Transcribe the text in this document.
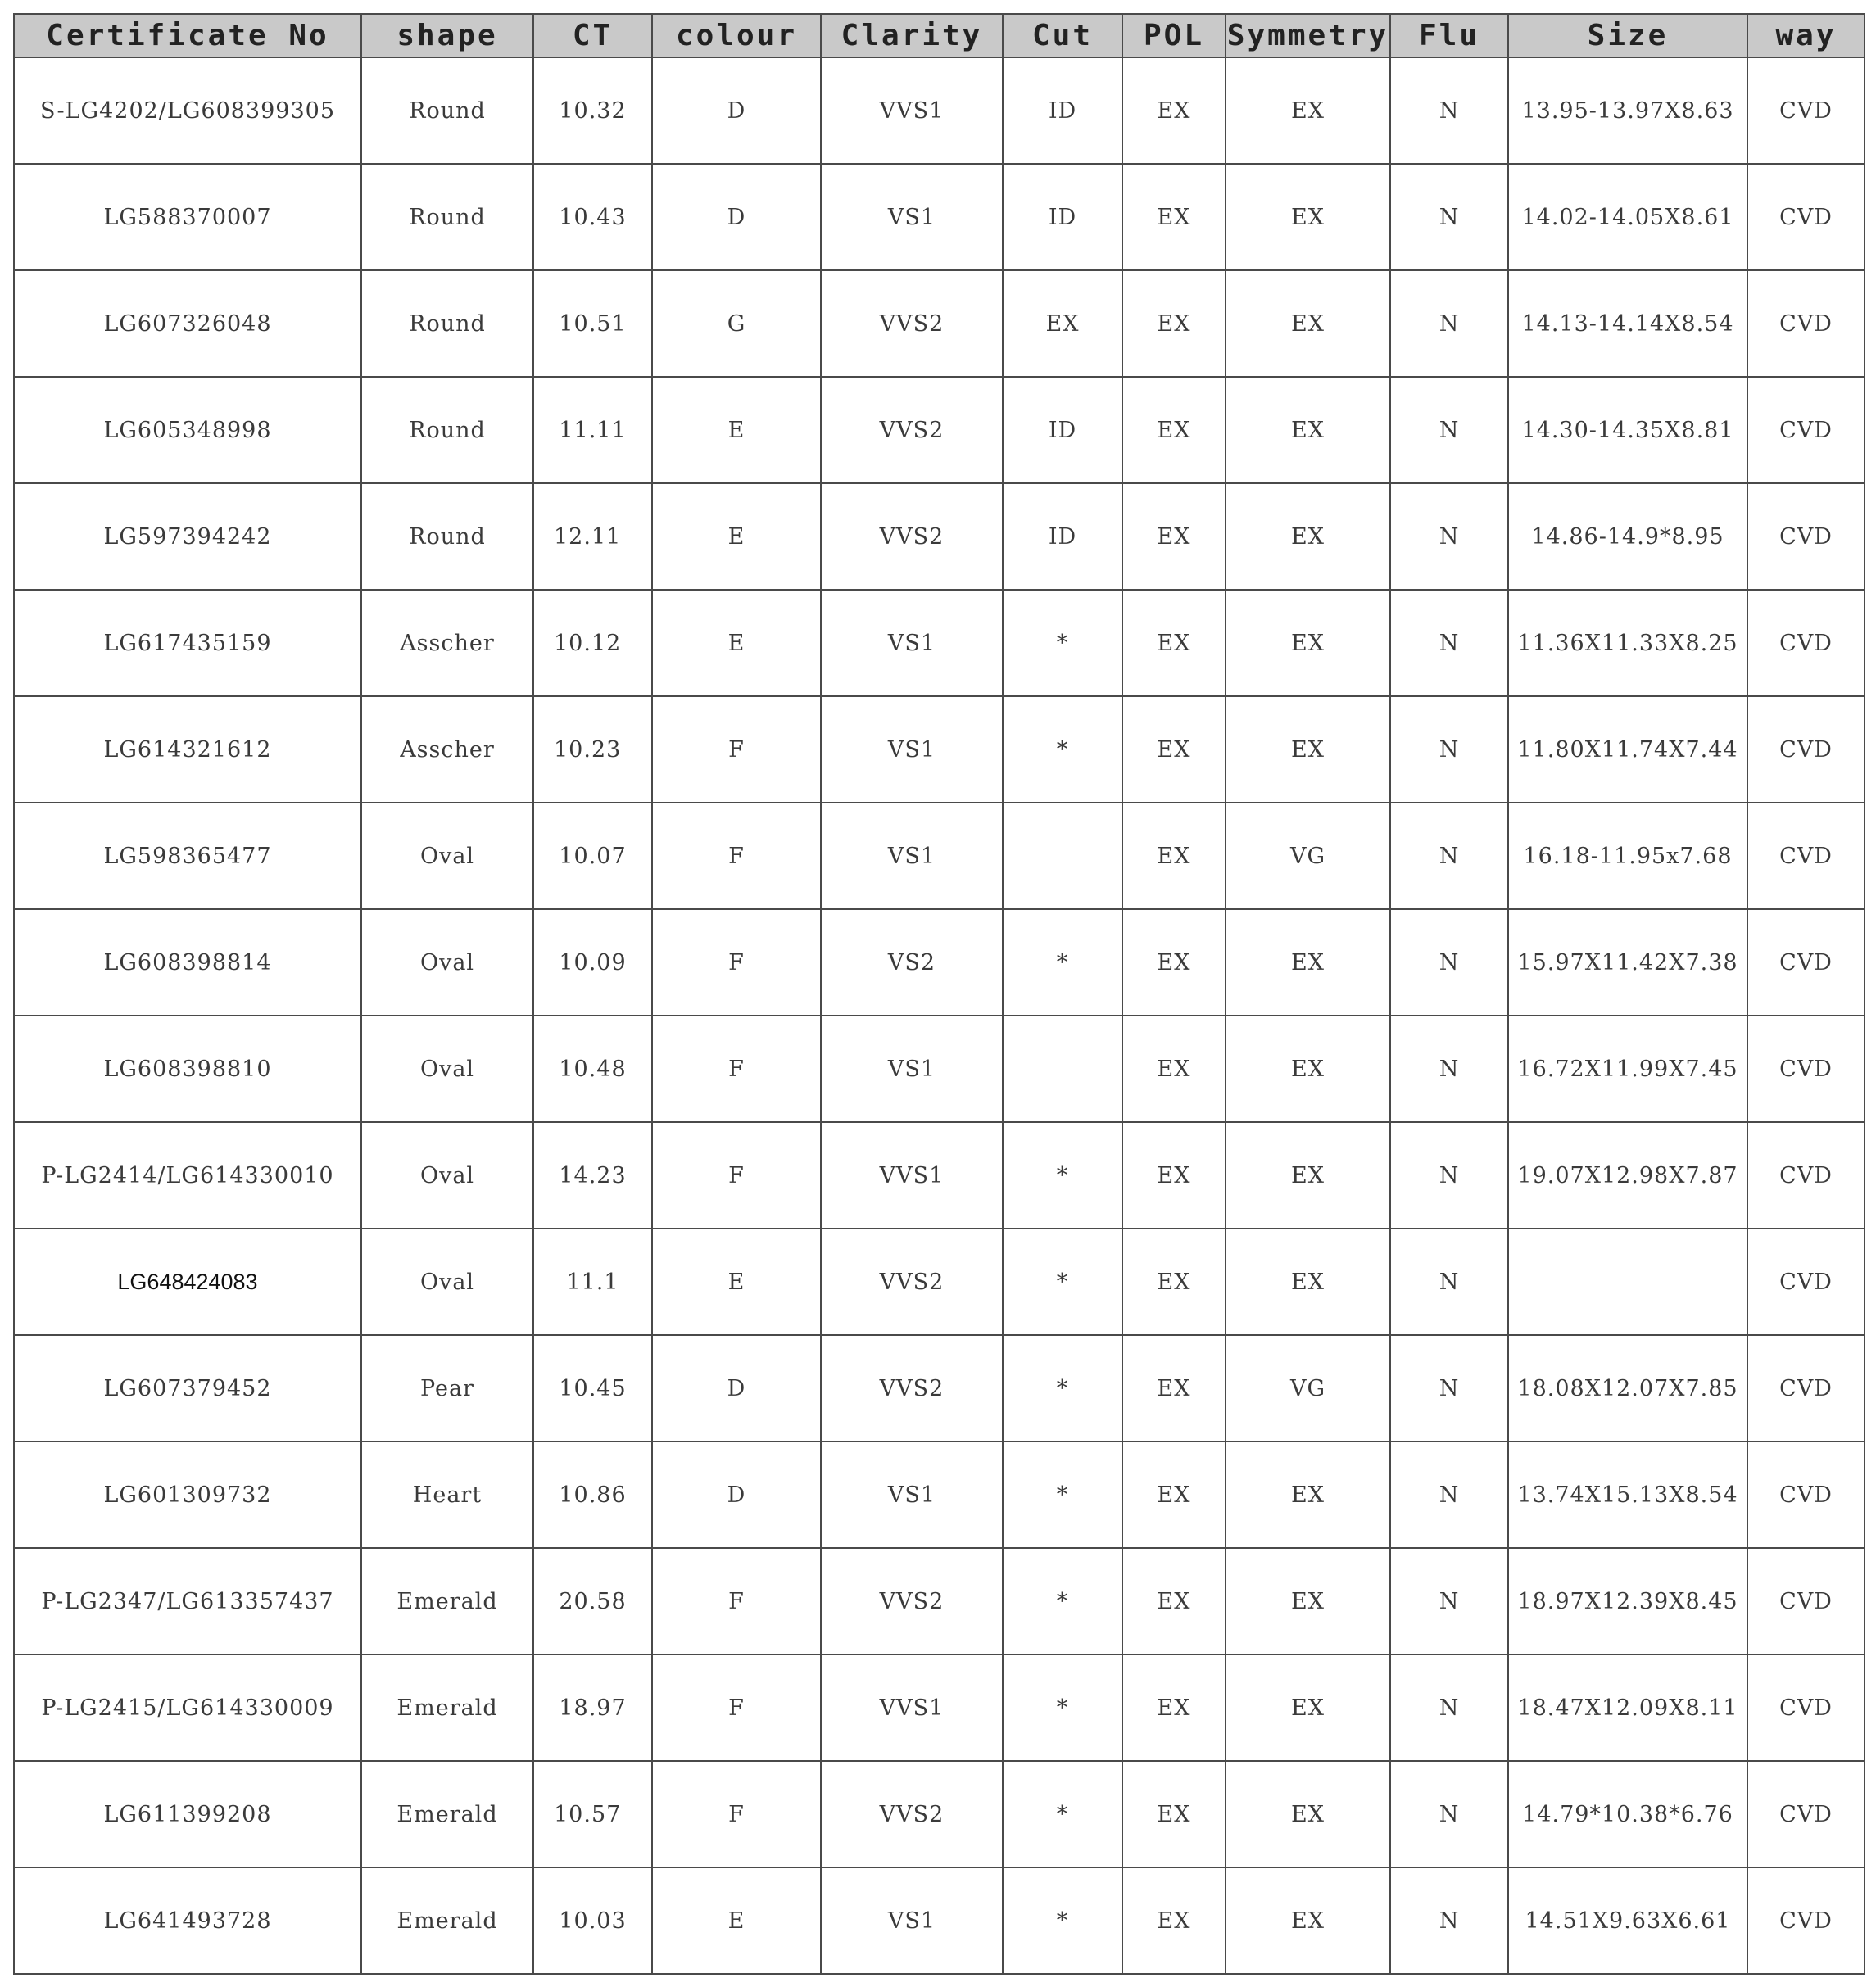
Certificate No	shape	CT	colour	Clarity	Cut	POL	Symmetry	Flu	Size	way
S-LG4202/LG608399305	Round	10.32	D	VVS1	ID	EX	EX	N	13.95-13.97X8.63	CVD
LG588370007	Round	10.43	D	VS1	ID	EX	EX	N	14.02-14.05X8.61	CVD
LG607326048	Round	10.51	G	VVS2	EX	EX	EX	N	14.13-14.14X8.54	CVD
LG605348998	Round	11.11	E	VVS2	ID	EX	EX	N	14.30-14.35X8.81	CVD
LG597394242	Round	12.11	E	VVS2	ID	EX	EX	N	14.86-14.9*8.95	CVD
LG617435159	Asscher	10.12	E	VS1	*	EX	EX	N	11.36X11.33X8.25	CVD
LG614321612	Asscher	10.23	F	VS1	*	EX	EX	N	11.80X11.74X7.44	CVD
LG598365477	Oval	10.07	F	VS1		EX	VG	N	16.18-11.95x7.68	CVD
LG608398814	Oval	10.09	F	VS2	*	EX	EX	N	15.97X11.42X7.38	CVD
LG608398810	Oval	10.48	F	VS1		EX	EX	N	16.72X11.99X7.45	CVD
P-LG2414/LG614330010	Oval	14.23	F	VVS1	*	EX	EX	N	19.07X12.98X7.87	CVD
LG648424083	Oval	11.1	E	VVS2	*	EX	EX	N		CVD
LG607379452	Pear	10.45	D	VVS2	*	EX	VG	N	18.08X12.07X7.85	CVD
LG601309732	Heart	10.86	D	VS1	*	EX	EX	N	13.74X15.13X8.54	CVD
P-LG2347/LG613357437	Emerald	20.58	F	VVS2	*	EX	EX	N	18.97X12.39X8.45	CVD
P-LG2415/LG614330009	Emerald	18.97	F	VVS1	*	EX	EX	N	18.47X12.09X8.11	CVD
LG611399208	Emerald	10.57	F	VVS2	*	EX	EX	N	14.79*10.38*6.76	CVD
LG641493728	Emerald	10.03	E	VS1	*	EX	EX	N	14.51X9.63X6.61	CVD
